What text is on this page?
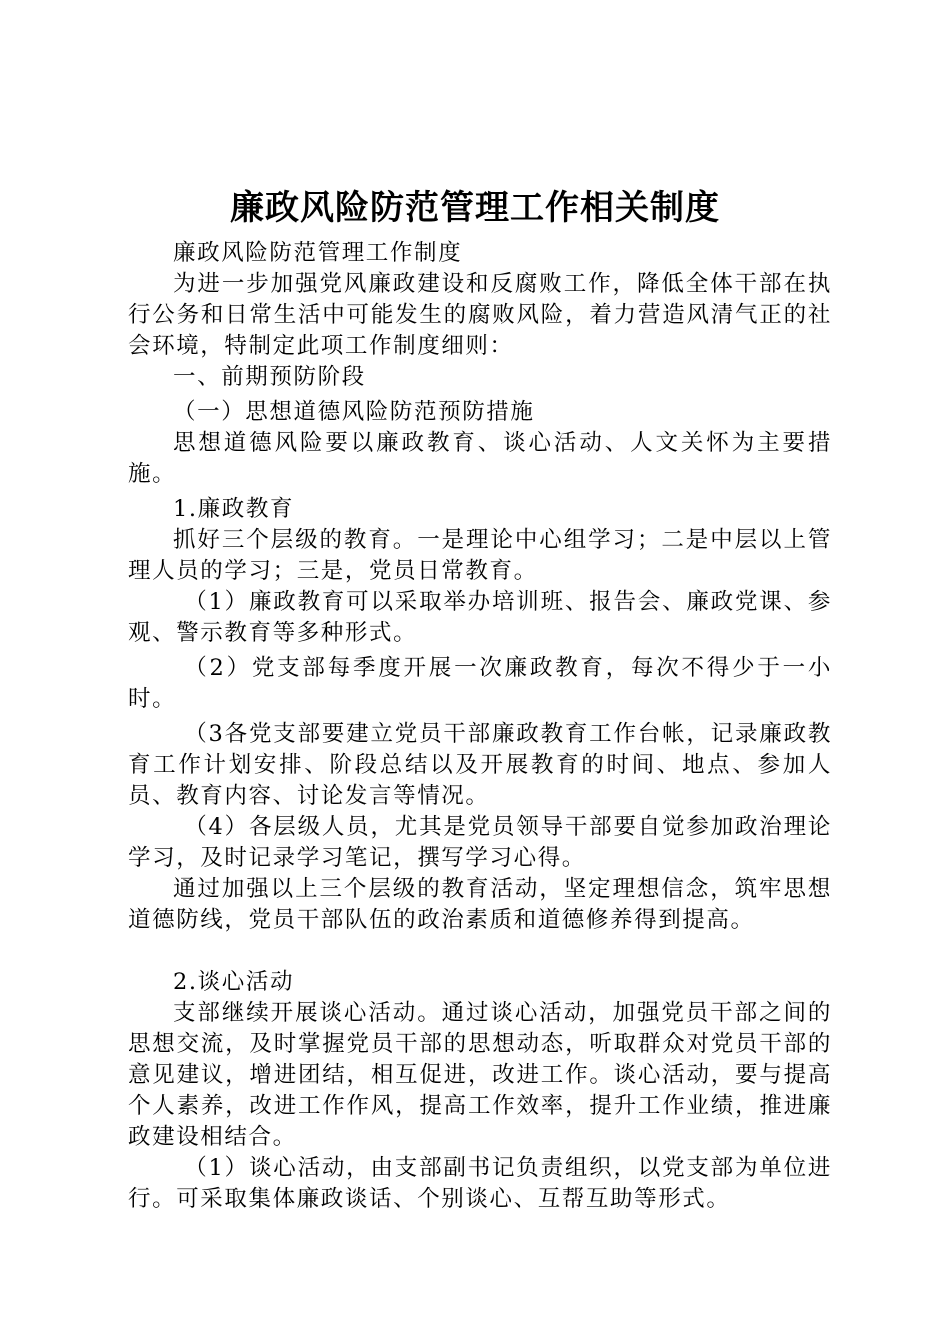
廉政风险防范管理工作相关制度

廉政风险防范管理工作制度

为进一步加强党风廉政建设和反腐败工作，降低全体干部在执行公务和日常生活中可能发生的腐败风险，着力营造风清气正的社会环境，特制定此项工作制度细则：

一、前期预防阶段

（一）思想道德风险防范预防措施

思想道德风险要以廉政教育、谈心活动、人文关怀为主要措施。

1.廉政教育

抓好三个层级的教育。一是理论中心组学习；二是中层以上管理人员的学习；三是，党员日常教育。

（1）廉政教育可以采取举办培训班、报告会、廉政党课、参观、警示教育等多种形式。

（2）党支部每季度开展一次廉政教育，每次不得少于一小时。

（3各党支部要建立党员干部廉政教育工作台帐，记录廉政教育工作计划安排、阶段总结以及开展教育的时间、地点、参加人员、教育内容、讨论发言等情况。

（4）各层级人员，尤其是党员领导干部要自觉参加政治理论学习，及时记录学习笔记，撰写学习心得。

通过加强以上三个层级的教育活动，坚定理想信念，筑牢思想道德防线，党员干部队伍的政治素质和道德修养得到提高。

2.谈心活动

支部继续开展谈心活动。通过谈心活动，加强党员干部之间的思想交流，及时掌握党员干部的思想动态，听取群众对党员干部的意见建议，增进团结，相互促进，改进工作。谈心活动，要与提高个人素养，改进工作作风，提高工作效率，提升工作业绩，推进廉政建设相结合。

（1）谈心活动，由支部副书记负责组织，以党支部为单位进行。可采取集体廉政谈话、个别谈心、互帮互助等形式。
